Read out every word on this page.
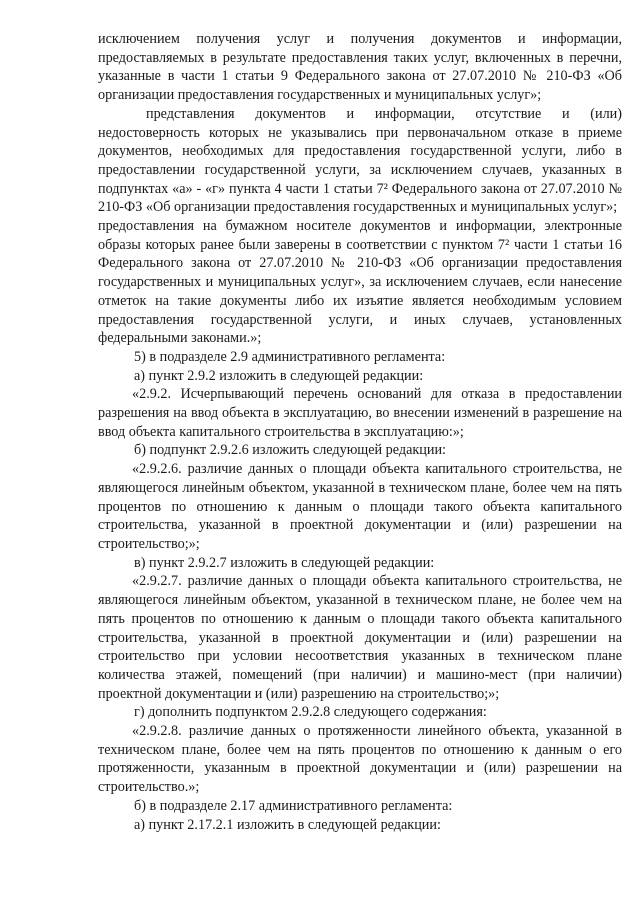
исключением получения услуг и получения документов и информации, предоставляемых в результате предоставления таких услуг, включенных в перечни, указанные в части 1 статьи 9 Федерального закона от 27.07.2010 № 210-ФЗ «Об организации предоставления государственных и муниципальных услуг»;

представления документов и информации, отсутствие и (или) недостоверность которых не указывались при первоначальном отказе в приеме документов, необходимых для предоставления государственной услуги, либо в предоставлении государственной услуги, за исключением случаев, указанных в подпунктах «а» - «г» пункта 4 части 1 статьи 7² Федерального закона от 27.07.2010 № 210-ФЗ «Об организации предоставления государственных и муниципальных услуг»;

предоставления на бумажном носителе документов и информации, электронные образы которых ранее были заверены в соответствии с пунктом 7² части 1 статьи 16 Федерального закона от 27.07.2010 № 210-ФЗ «Об организации предоставления государственных и муниципальных услуг», за исключением случаев, если нанесение отметок на такие документы либо их изъятие является необходимым условием предоставления государственной услуги, и иных случаев, установленных федеральными законами.»;

5) в подразделе 2.9 административного регламента:

а) пункт 2.9.2 изложить в следующей редакции:

«2.9.2. Исчерпывающий перечень оснований для отказа в предоставлении разрешения на ввод объекта в эксплуатацию, во внесении изменений в разрешение на ввод объекта капитального строительства в эксплуатацию:»;

б) подпункт 2.9.2.6 изложить следующей редакции:

«2.9.2.6. различие данных о площади объекта капитального строительства, не являющегося линейным объектом, указанной в техническом плане, более чем на пять процентов по отношению к данным о площади такого объекта капитального строительства, указанной в проектной документации и (или) разрешении на строительство;»;

в) пункт 2.9.2.7 изложить в следующей редакции:

«2.9.2.7. различие данных о площади объекта капитального строительства, не являющегося линейным объектом, указанной в техническом плане, не более чем на пять процентов по отношению к данным о площади такого объекта капитального строительства, указанной в проектной документации и (или) разрешении на строительство при условии несоответствия указанных в техническом плане количества этажей, помещений (при наличии) и машино-мест (при наличии) проектной документации и (или) разрешению на строительство;»;

г) дополнить подпунктом 2.9.2.8 следующего содержания:

«2.9.2.8. различие данных о протяженности линейного объекта, указанной в техническом плане, более чем на пять процентов по отношению к данным о его протяженности, указанным в проектной документации и (или) разрешении на строительство.»;

б) в подразделе 2.17 административного регламента:

а) пункт 2.17.2.1 изложить в следующей редакции:
